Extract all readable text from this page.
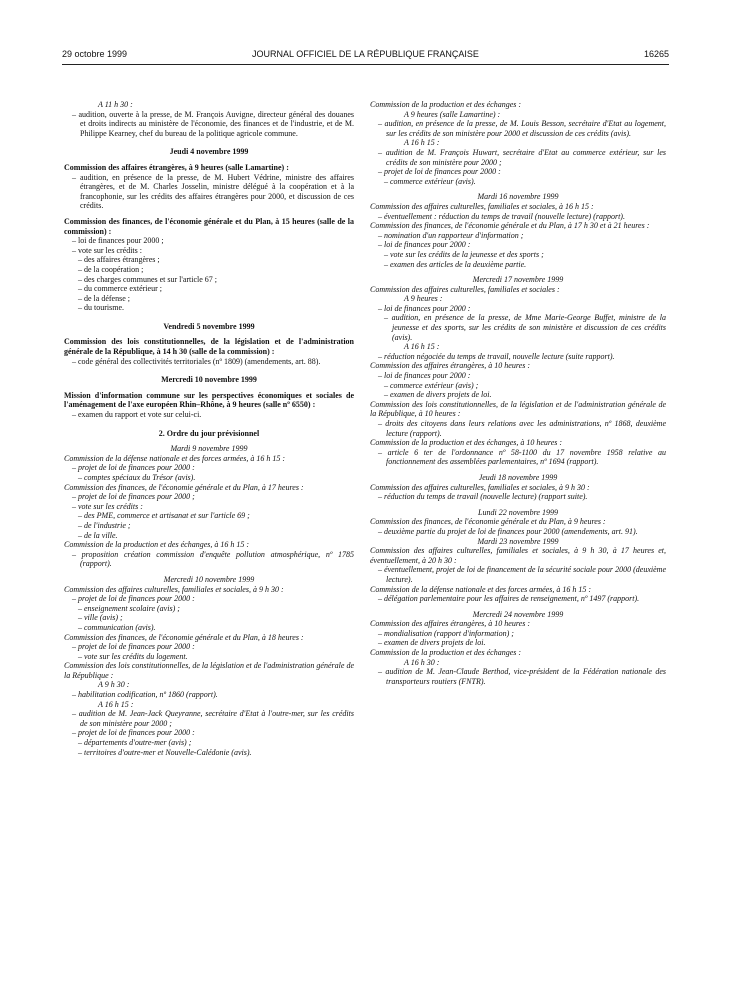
29 octobre 1999	JOURNAL OFFICIEL DE LA RÉPUBLIQUE FRANÇAISE	16265
A 11 h 30 :
– audition, ouverte à la presse, de M. François Auvigne, directeur général des douanes et droits indirects au ministère de l'économie, des finances et de l'industrie, et de M. Philippe Kearney, chef du bureau de la politique agricole commune.
Jeudi 4 novembre 1999
Commission des affaires étrangères, à 9 heures (salle Lamartine) :
– audition, en présence de la presse, de M. Hubert Védrine, ministre des affaires étrangères, et de M. Charles Josselin, ministre délégué à la coopération et à la francophonie, sur les crédits des affaires étrangères pour 2000, et discussion de ces crédits.
Commission des finances, de l'économie générale et du Plan, à 15 heures (salle de la commission) :
– loi de finances pour 2000 ;
– vote sur les crédits :
– des affaires étrangères ;
– de la coopération ;
– des charges communes et sur l'article 67 ;
– du commerce extérieur ;
– de la défense ;
– du tourisme.
Vendredi 5 novembre 1999
Commission des lois constitutionnelles, de la législation et de l'administration générale de la République, à 14 h 30 (salle de la commission) :
– code général des collectivités territoriales (nº 1809) (amendements, art. 88).
Mercredi 10 novembre 1999
Mission d'information commune sur les perspectives économiques et sociales de l'aménagement de l'axe européen Rhin–Rhône, à 9 heures (salle nº 6550) :
– examen du rapport et vote sur celui-ci.
2. Ordre du jour prévisionnel
Mardi 9 novembre 1999
Commission de la défense nationale et des forces armées, à 16 h 15 :
– projet de loi de finances pour 2000 :
– comptes spéciaux du Trésor (avis).
Commission des finances, de l'économie générale et du Plan, à 17 heures :
– projet de loi de finances pour 2000 ;
– vote sur les crédits :
– des PME, commerce et artisanat et sur l'article 69 ;
– de l'industrie ;
– de la ville.
Commission de la production et des échanges, à 16 h 15 :
– proposition création commission d'enquête pollution atmosphérique, nº 1785 (rapport).
Mercredi 10 novembre 1999
Commission des affaires culturelles, familiales et sociales, à 9 h 30 :
– projet de loi de finances pour 2000 :
– enseignement scolaire (avis) ;
– ville (avis) ;
– communication (avis).
Commission des finances, de l'économie générale et du Plan, à 18 heures :
– projet de loi de finances pour 2000 :
– vote sur les crédits du logement.
Commission des lois constitutionnelles, de la législation et de l'administration générale de la République :
A 9 h 30 :
– habilitation codification, nº 1860 (rapport).
A 16 h 15 :
– audition de M. Jean-Jack Queyranne, secrétaire d'Etat à l'outre-mer, sur les crédits de son ministère pour 2000 ;
– projet de loi de finances pour 2000 :
– départements d'outre-mer (avis) ;
– territoires d'outre-mer et Nouvelle-Calédonie (avis).
Commission de la production et des échanges :
A 9 heures (salle Lamartine) :
– audition, en présence de la presse, de M. Louis Besson, secrétaire d'Etat au logement, sur les crédits de son ministère pour 2000 et discussion de ces crédits (avis).
A 16 h 15 :
– audition de M. François Huwart, secrétaire d'Etat au commerce extérieur, sur les crédits de son ministère pour 2000 ;
– projet de loi de finances pour 2000 :
– commerce extérieur (avis).
Mardi 16 novembre 1999
Commission des affaires culturelles, familiales et sociales, à 16 h 15 :
– éventuellement : réduction du temps de travail (nouvelle lecture) (rapport).
Commission des finances, de l'économie générale et du Plan, à 17 h 30 et à 21 heures :
– nomination d'un rapporteur d'information ;
– loi de finances pour 2000 :
– vote sur les crédits de la jeunesse et des sports ;
– examen des articles de la deuxième partie.
Mercredi 17 novembre 1999
Commission des affaires culturelles, familiales et sociales :
A 9 heures :
– loi de finances pour 2000 :
– audition, en présence de la presse, de Mme Marie-George Buffet, ministre de la jeunesse et des sports, sur les crédits de son ministère et discussion de ces crédits (avis).
A 16 h 15 :
– réduction négociée du temps de travail, nouvelle lecture (suite rapport).
Commission des affaires étrangères, à 10 heures :
– loi de finances pour 2000 :
– commerce extérieur (avis) ;
– examen de divers projets de loi.
Commission des lois constitutionnelles, de la législation et de l'administration générale de la République, à 10 heures :
– droits des citoyens dans leurs relations avec les administrations, nº 1868, deuxième lecture (rapport).
Commission de la production et des échanges, à 10 heures :
– article 6 ter de l'ordonnance nº 58-1100 du 17 novembre 1958 relative au fonctionnement des assemblées parlementaires, nº 1694 (rapport).
Jeudi 18 novembre 1999
Commission des affaires culturelles, familiales et sociales, à 9 h 30 :
– réduction du temps de travail (nouvelle lecture) (rapport suite).
Lundi 22 novembre 1999
Commission des finances, de l'économie générale et du Plan, à 9 heures :
– deuxième partie du projet de loi de finances pour 2000 (amendements, art. 91).
Mardi 23 novembre 1999
Commission des affaires culturelles, familiales et sociales, à 9 h 30, à 17 heures et, éventuellement, à 20 h 30 :
– éventuellement, projet de loi de financement de la sécurité sociale pour 2000 (deuxième lecture).
Commission de la défense nationale et des forces armées, à 16 h 15 :
– délégation parlementaire pour les affaires de renseignement, nº 1497 (rapport).
Mercredi 24 novembre 1999
Commission des affaires étrangères, à 10 heures :
– mondialisation (rapport d'information) ;
– examen de divers projets de loi.
Commission de la production et des échanges :
A 16 h 30 :
– audition de M. Jean-Claude Berthod, vice-président de la Fédération nationale des transporteurs routiers (FNTR).
